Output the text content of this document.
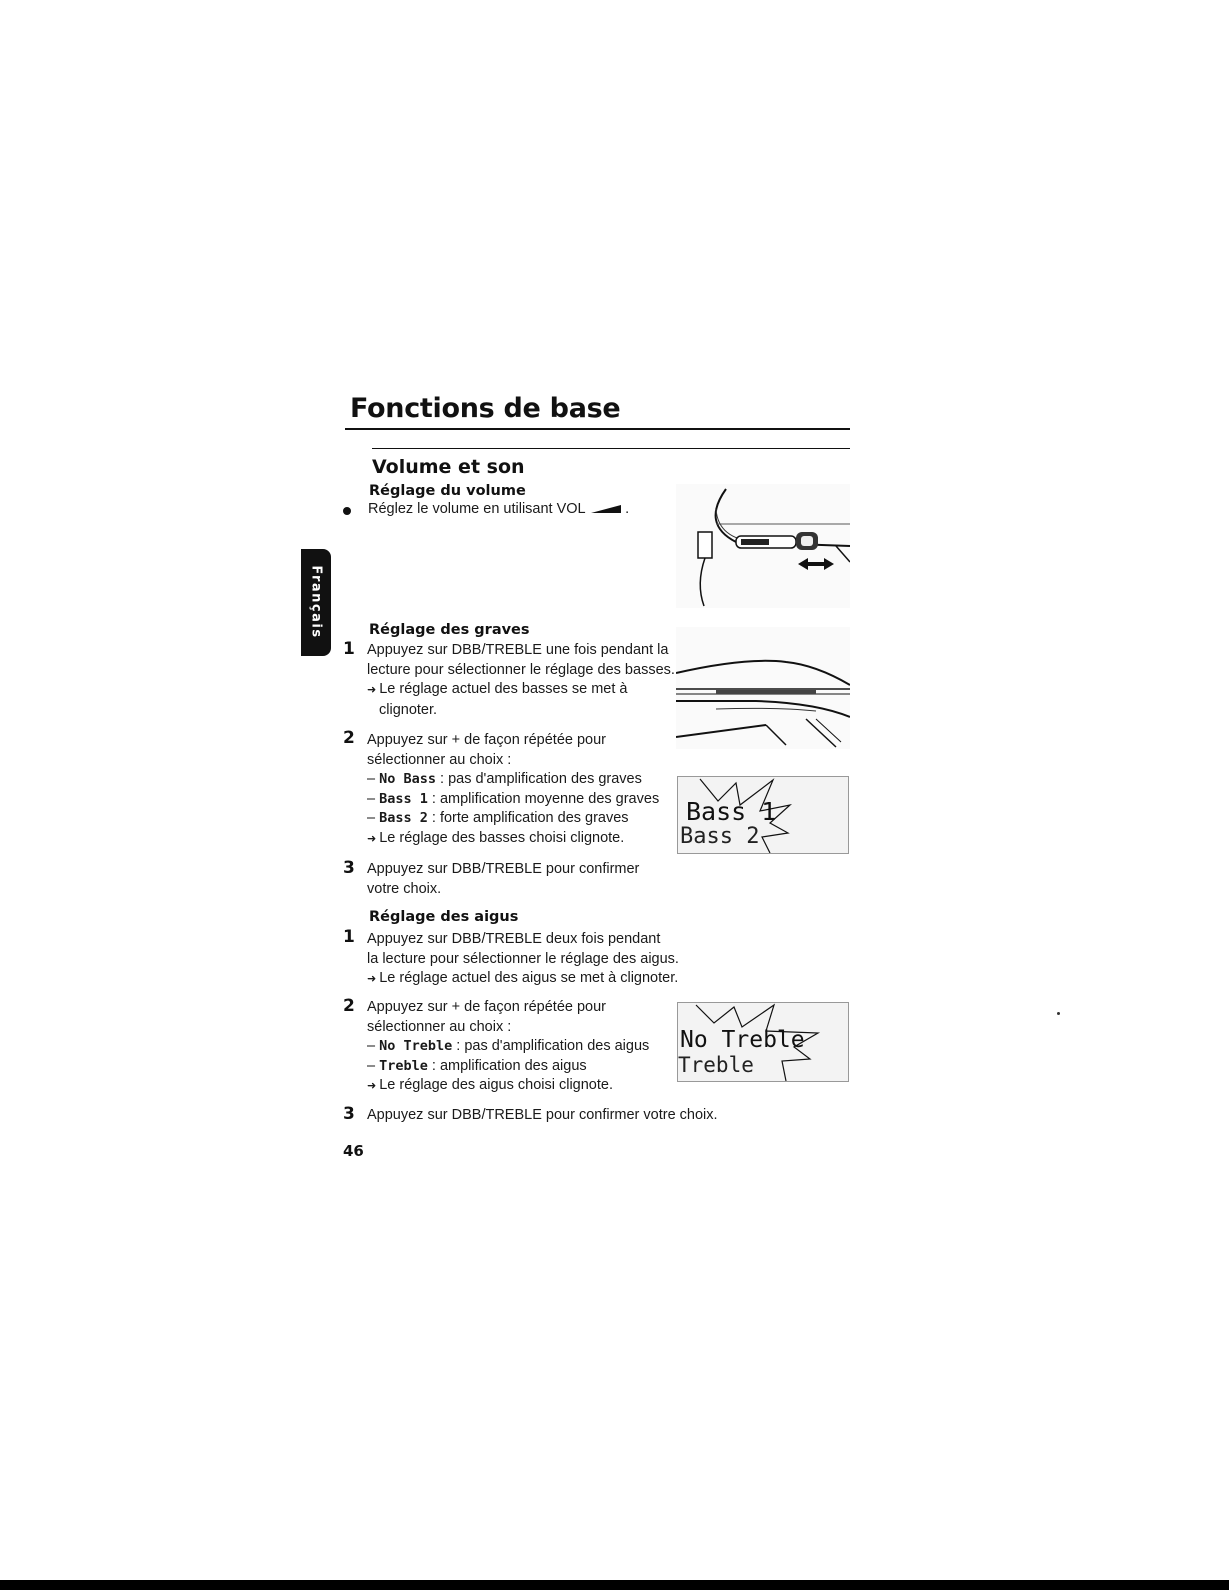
Fonctions de base
Volume et son
Français
Réglage du volume
Réglez le volume en utilisant VOL	.
Réglage des graves
1 Appuyez sur DBB/TREBLE une fois pendant la
lecture pour sélectionner le réglage des basses.
➜ Le réglage actuel des basses se met à
clignoter.
2 Appuyez sur + de façon répétée pour
sélectionner au choix :
– No Bass : pas d'amplification des graves
– Bass 1 : amplification moyenne des graves
– Bass 2 : forte amplification des graves
➜ Le réglage des basses choisi clignote.
Bass 1
Bass 2
3 Appuyez sur DBB/TREBLE pour confirmer
votre choix.
Réglage des aigus
1 Appuyez sur DBB/TREBLE deux fois pendant
la lecture pour sélectionner le réglage des aigus.
➜ Le réglage actuel des aigus se met à clignoter.
2 Appuyez sur + de façon répétée pour
sélectionner au choix :
– No Treble : pas d'amplification des aigus
– Treble : amplification des aigus
➜ Le réglage des aigus choisi clignote.
No Treble
Treble
3 Appuyez sur DBB/TREBLE pour confirmer votre choix.
46
